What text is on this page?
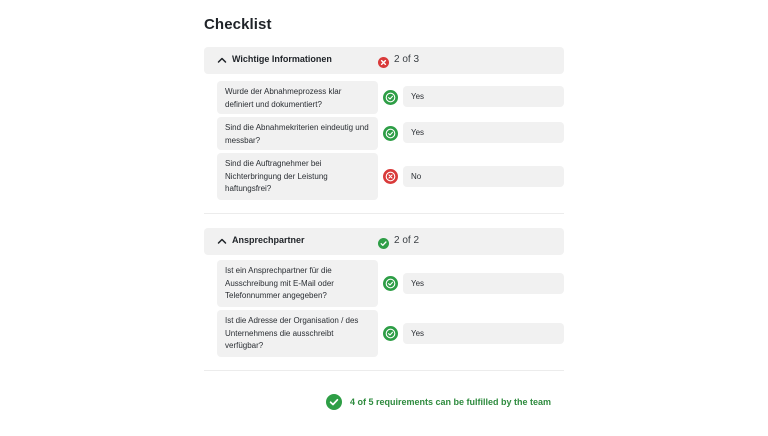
Checklist
Wichtige Informationen	2 of 3
Wurde der Abnahmeprozess klar definiert und dokumentiert?
Yes
Sind die Abnahmekriterien eindeutig und messbar?
Yes
Sind die Auftragnehmer bei Nichterbringung der Leistung haftungsfrei?
No
Ansprechpartner	2 of 2
Ist ein Ansprechpartner für die Ausschreibung mit E-Mail oder Telefonnummer angegeben?
Yes
Ist die Adresse der Organisation / des Unternehmens die ausschreibt verfügbar?
Yes
4 of 5 requirements can be fulfilled by the team
